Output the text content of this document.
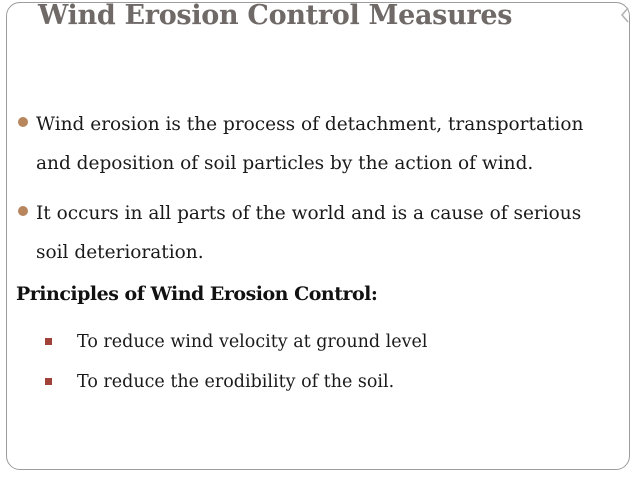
Wind Erosion Control Measures
Wind erosion is the process of detachment, transportation and deposition of soil particles by the action of wind.
It occurs in all parts of the world and is a cause of serious soil deterioration.
Principles of Wind Erosion Control:
To reduce wind velocity at ground level
To reduce the erodibility of the soil.
